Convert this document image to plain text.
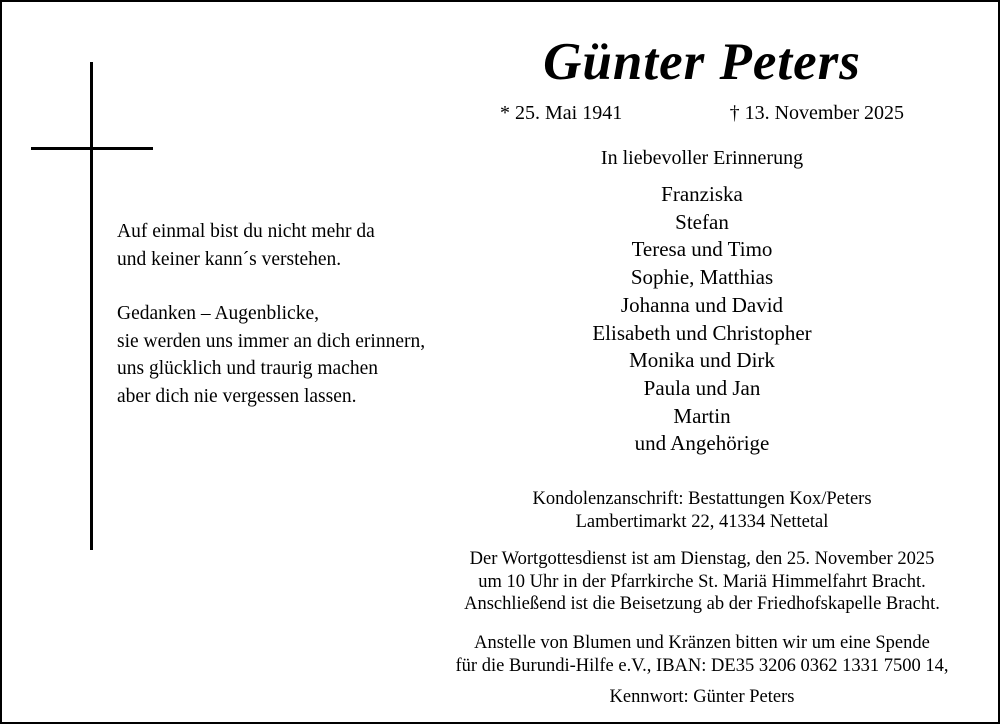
Günter Peters
* 25. Mai 1941	† 13. November 2025
In liebevoller Erinnerung
Franziska
Stefan
Teresa und Timo
Sophie, Matthias
Johanna und David
Elisabeth und Christopher
Monika und Dirk
Paula und Jan
Martin
und Angehörige
Auf einmal bist du nicht mehr da
und keiner kann´s verstehen.
Gedanken – Augenblicke,
sie werden uns immer an dich erinnern,
uns glücklich und traurig machen
aber dich nie vergessen lassen.
Kondolenzanschrift: Bestattungen Kox/Peters
Lambertimarkt 22, 41334 Nettetal
Der Wortgottesdienst ist am Dienstag, den 25. November 2025
um 10 Uhr in der Pfarrkirche St. Mariä Himmelfahrt Bracht.
Anschließend ist die Beisetzung ab der Friedhofskapelle Bracht.
Anstelle von Blumen und Kränzen bitten wir um eine Spende
für die Burundi-Hilfe e.V., IBAN: DE35 3206 0362 1331 7500 14,
Kennwort: Günter Peters
